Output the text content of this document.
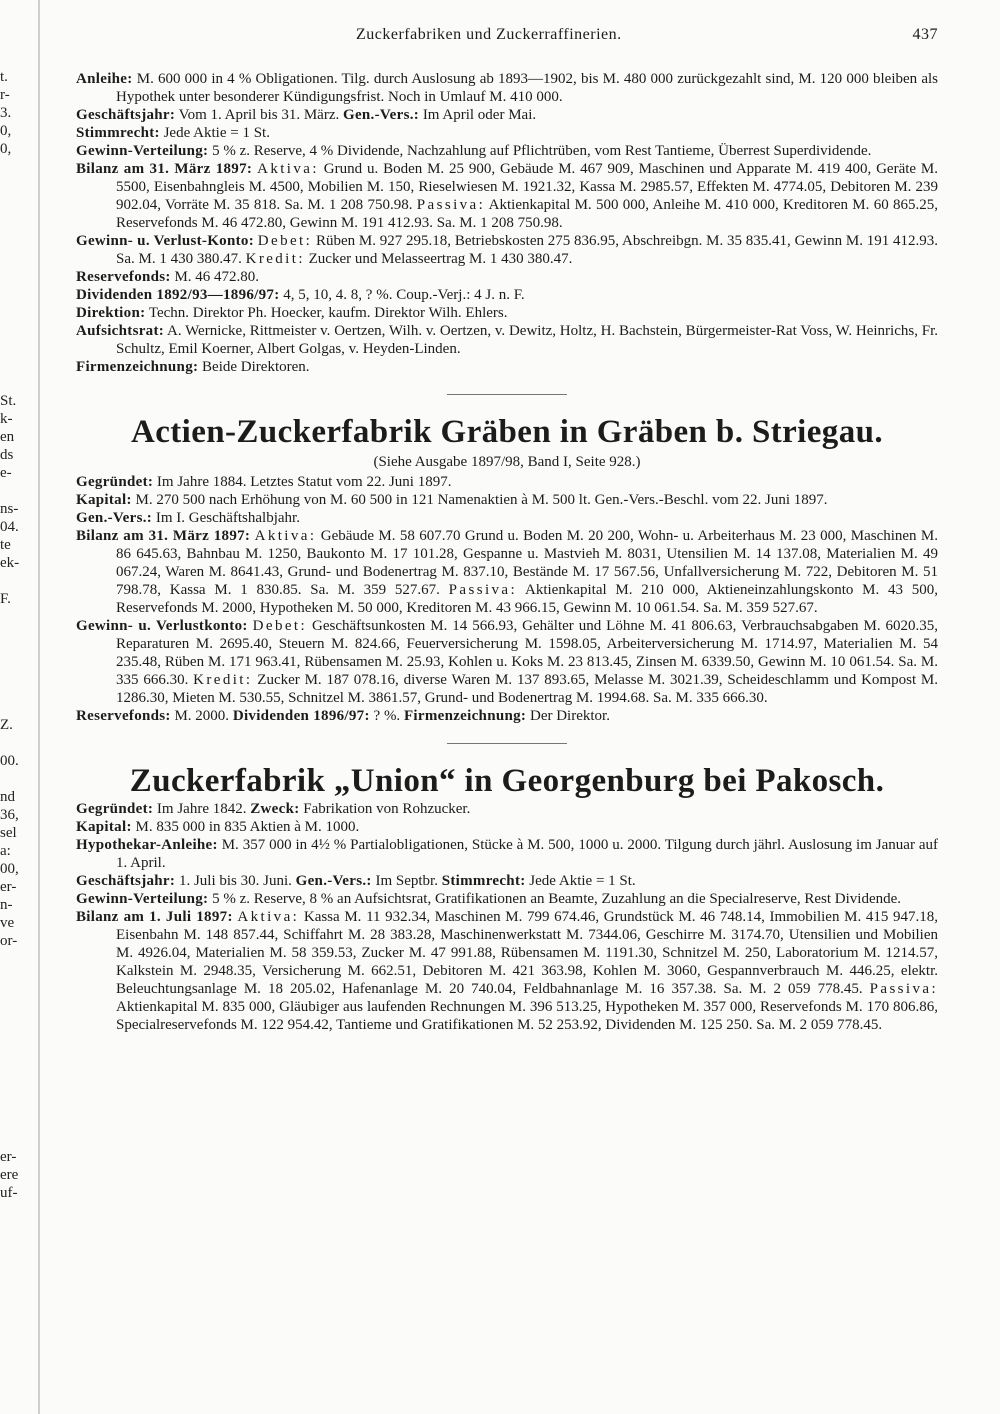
Zuckerfabriken und Zuckerraffinerien.	437
t.
r-
3.
0,
0,

St.
k-
en
ds
e-

ns-
04.
te
ek-

F.

Z.

00.

nd
36,
sel
a:
00,
er-
n-
ve
or-

er-
ere
uf-

Anleihe: M. 600 000 in 4 % Obligationen. Tilg. durch Auslosung ab 1893—1902, bis M. 480 000 zurückgezahlt sind, M. 120 000 bleiben als Hypothek unter besonderer Kündigungsfrist. Noch in Umlauf M. 410 000.

Geschäftsjahr: Vom 1. April bis 31. März. Gen.-Vers.: Im April oder Mai.

Stimmrecht: Jede Aktie = 1 St.

Gewinn-Verteilung: 5 % z. Reserve, 4 % Dividende, Nachzahlung auf Pflichtrüben, vom Rest Tantieme, Überrest Superdividende.

Bilanz am 31. März 1897: Aktiva: Grund u. Boden M. 25 900, Gebäude M. 467 909, Maschinen und Apparate M. 419 400, Geräte M. 5500, Eisenbahngleis M. 4500, Mobilien M. 150, Rieselwiesen M. 1921.32, Kassa M. 2985.57, Effekten M. 4774.05, Debitoren M. 239 902.04, Vorräte M. 35 818. Sa. M. 1 208 750.98. Passiva: Aktienkapital M. 500 000, Anleihe M. 410 000, Kreditoren M. 60 865.25, Reservefonds M. 46 472.80, Gewinn M. 191 412.93. Sa. M. 1 208 750.98.

Gewinn- u. Verlust-Konto: Debet: Rüben M. 927 295.18, Betriebskosten 275 836.95, Abschreibgn. M. 35 835.41, Gewinn M. 191 412.93. Sa. M. 1 430 380.47. Kredit: Zucker und Melasseertrag M. 1 430 380.47.

Reservefonds: M. 46 472.80.

Dividenden 1892/93—1896/97: 4, 5, 10, 4. 8, ? %. Coup.-Verj.: 4 J. n. F.

Direktion: Techn. Direktor Ph. Hoecker, kaufm. Direktor Wilh. Ehlers.

Aufsichtsrat: A. Wernicke, Rittmeister v. Oertzen, Wilh. v. Oertzen, v. Dewitz, Holtz, H. Bachstein, Bürgermeister-Rat Voss, W. Heinrichs, Fr. Schultz, Emil Koerner, Albert Golgas, v. Heyden-Linden.

Firmenzeichnung: Beide Direktoren.

Actien-Zuckerfabrik Gräben in Gräben b. Striegau.

(Siehe Ausgabe 1897/98, Band I, Seite 928.)

Gegründet: Im Jahre 1884. Letztes Statut vom 22. Juni 1897.

Kapital: M. 270 500 nach Erhöhung von M. 60 500 in 121 Namenaktien à M. 500 lt. Gen.-Vers.-Beschl. vom 22. Juni 1897.

Gen.-Vers.: Im I. Geschäftshalbjahr.

Bilanz am 31. März 1897: Aktiva: Gebäude M. 58 607.70 Grund u. Boden M. 20 200, Wohn- u. Arbeiterhaus M. 23 000, Maschinen M. 86 645.63, Bahnbau M. 1250, Baukonto M. 17 101.28, Gespanne u. Mastvieh M. 8031, Utensilien M. 14 137.08, Materialien M. 49 067.24, Waren M. 8641.43, Grund- und Bodenertrag M. 837.10, Bestände M. 17 567.56, Unfallversicherung M. 722, Debitoren M. 51 798.78, Kassa M. 1 830.85. Sa. M. 359 527.67. Passiva: Aktienkapital M. 210 000, Aktieneinzahlungskonto M. 43 500, Reservefonds M. 2000, Hypotheken M. 50 000, Kreditoren M. 43 966.15, Gewinn M. 10 061.54. Sa. M. 359 527.67.

Gewinn- u. Verlustkonto: Debet: Geschäftsunkosten M. 14 566.93, Gehälter und Löhne M. 41 806.63, Verbrauchsabgaben M. 6020.35, Reparaturen M. 2695.40, Steuern M. 824.66, Feuerversicherung M. 1598.05, Arbeiterversicherung M. 1714.97, Materialien M. 54 235.48, Rüben M. 171 963.41, Rübensamen M. 25.93, Kohlen u. Koks M. 23 813.45, Zinsen M. 6339.50, Gewinn M. 10 061.54. Sa. M. 335 666.30. Kredit: Zucker M. 187 078.16, diverse Waren M. 137 893.65, Melasse M. 3021.39, Scheideschlamm und Kompost M. 1286.30, Mieten M. 530.55, Schnitzel M. 3861.57, Grund- und Bodenertrag M. 1994.68. Sa. M. 335 666.30.

Reservefonds: M. 2000. Dividenden 1896/97: ? %. Firmenzeichnung: Der Direktor.

Zuckerfabrik „Union“ in Georgenburg bei Pakosch.

Gegründet: Im Jahre 1842. Zweck: Fabrikation von Rohzucker.

Kapital: M. 835 000 in 835 Aktien à M. 1000.

Hypothekar-Anleihe: M. 357 000 in 4½ % Partialobligationen, Stücke à M. 500, 1000 u. 2000. Tilgung durch jährl. Auslosung im Januar auf 1. April.

Geschäftsjahr: 1. Juli bis 30. Juni. Gen.-Vers.: Im Septbr. Stimmrecht: Jede Aktie = 1 St.

Gewinn-Verteilung: 5 % z. Reserve, 8 % an Aufsichtsrat, Gratifikationen an Beamte, Zuzahlung an die Specialreserve, Rest Dividende.

Bilanz am 1. Juli 1897: Aktiva: Kassa M. 11 932.34, Maschinen M. 799 674.46, Grundstück M. 46 748.14, Immobilien M. 415 947.18, Eisenbahn M. 148 857.44, Schiffahrt M. 28 383.28, Maschinenwerkstatt M. 7344.06, Geschirre M. 3174.70, Utensilien und Mobilien M. 4926.04, Materialien M. 58 359.53, Zucker M. 47 991.88, Rübensamen M. 1191.30, Schnitzel M. 250, Laboratorium M. 1214.57, Kalkstein M. 2948.35, Versicherung M. 662.51, Debitoren M. 421 363.98, Kohlen M. 3060, Gespannverbrauch M. 446.25, elektr. Beleuchtungsanlage M. 18 205.02, Hafenanlage M. 20 740.04, Feldbahnanlage M. 16 357.38. Sa. M. 2 059 778.45. Passiva: Aktienkapital M. 835 000, Gläubiger aus laufenden Rechnungen M. 396 513.25, Hypotheken M. 357 000, Reservefonds M. 170 806.86, Specialreservefonds M. 122 954.42, Tantieme und Gratifikationen M. 52 253.92, Dividenden M. 125 250. Sa. M. 2 059 778.45.
